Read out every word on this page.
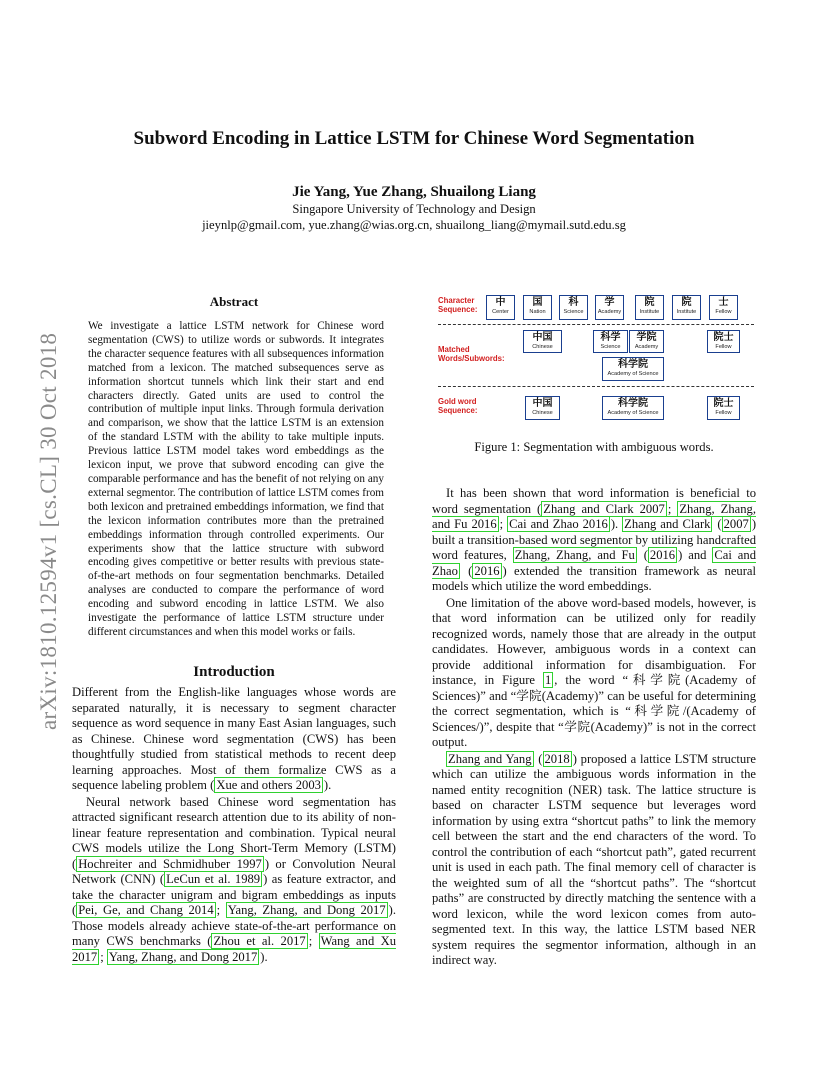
arXiv:1810.12594v1 [cs.CL] 30 Oct 2018
Subword Encoding in Lattice LSTM for Chinese Word Segmentation
Jie Yang, Yue Zhang, Shuailong Liang
Singapore University of Technology and Design
jieynlp@gmail.com, yue.zhang@wias.org.cn, shuailong_liang@mymail.sutd.edu.sg
Abstract
We investigate a lattice LSTM network for Chinese word segmentation (CWS) to utilize words or subwords. It integrates the character sequence features with all subsequences information matched from a lexicon. The matched subsequences serve as information shortcut tunnels which link their start and end characters directly. Gated units are used to control the contribution of multiple input links. Through formula derivation and comparison, we show that the lattice LSTM is an extension of the standard LSTM with the ability to take multiple inputs. Previous lattice LSTM model takes word embeddings as the lexicon input, we prove that subword encoding can give the comparable performance and has the benefit of not relying on any external segmentor. The contribution of lattice LSTM comes from both lexicon and pretrained embeddings information, we find that the lexicon information contributes more than the pretrained embeddings information through controlled experiments. Our experiments show that the lattice structure with subword encoding gives competitive or better results with previous state-of-the-art methods on four segmentation benchmarks. Detailed analyses are conducted to compare the performance of word encoding and subword encoding in lattice LSTM. We also investigate the performance of lattice LSTM structure under different circumstances and when this model works or fails.
Introduction

Different from the English-like languages whose words are separated naturally, it is necessary to segment character sequence as word sequence in many East Asian languages, such as Chinese. Chinese word segmentation (CWS) has been thoughtfully studied from statistical methods to recent deep learning approaches. Most of them formalize CWS as a sequence labeling problem ( Xue and others 2003 ).

Neural network based Chinese word segmentation has attracted significant research attention due to its ability of non-linear feature representation and combination. Typical neural CWS models utilize the Long Short-Term Memory (LSTM) ( Hochreiter and Schmidhuber 1997 ) or Convolution Neural Network (CNN) ( LeCun et al. 1989 ) as feature extractor, and take the character unigram and bigram embeddings as inputs ( Pei, Ge, and Chang 2014 ; Yang, Zhang, and Dong 2017 ). Those models already achieve state-of-the-art performance on many CWS benchmarks ( Zhou et al. 2017 ; Wang and Xu 2017 ; Yang, Zhang, and Dong 2017 ).

It has been shown that word information is beneficial to word segmentation ( Zhang and Clark 2007 ; Zhang, Zhang, and Fu 2016 ; Cai and Zhao 2016 ). Zhang and Clark ( 2007 ) built a transition-based word segmentor by utilizing handcrafted word features, Zhang, Zhang, and Fu ( 2016 ) and Cai and Zhao ( 2016 ) extended the transition framework as neural models which utilize the word embeddings.

One limitation of the above word-based models, however, is that word information can be utilized only for readily recognized words, namely those that are already in the output candidates. However, ambiguous words in a context can provide additional information for disambiguation. For instance, in Figure 1 , the word “科学院(Academy of Sciences)” and “学院(Academy)” can be useful for determining the correct segmentation, which is “科学院/(Academy of Sciences/)”, despite that “学院(Academy)” is not in the correct output.

Zhang and Yang ( 2018 ) proposed a lattice LSTM structure which can utilize the ambiguous words information in the named entity recognition (NER) task. The lattice structure is based on character LSTM sequence but leverages word information by using extra “shortcut paths” to link the memory cell between the start and the end characters of the word. To control the contribution of each “shortcut path”, gated recurrent unit is used in each path. The final memory cell of character is the weighted sum of all the “shortcut paths”. The “shortcut paths” are constructed by directly matching the sentence with a word lexicon, while the word lexicon comes from auto-segmented text. In this way, the lattice LSTM based NER system requires the segmentor information, although in an indirect way.

Character
Sequence:
Matched
Words/Subwords:
Gold word
Sequence:
中
Center
国
Nation
科
Science
学
Academy
院
Institute
院
Institute
士
Fellow
中国
Chinese
科学
Science
学院
Academy
院士
Fellow
科学院
Academy of Science
中国
Chinese
科学院
Academy of Science
院士
Fellow
Figure 1: Segmentation with ambiguous words.
